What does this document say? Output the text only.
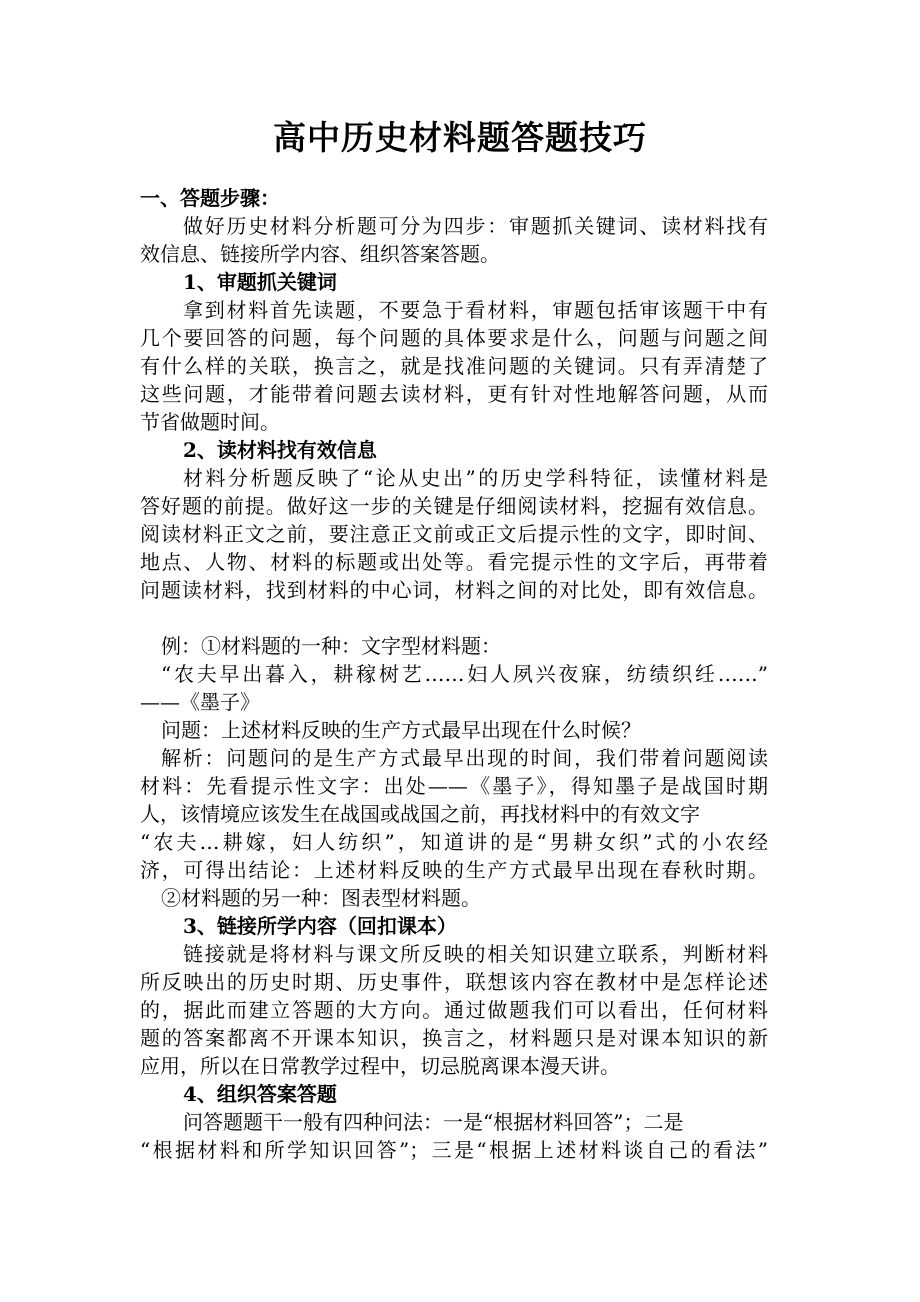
高中历史材料题答题技巧
一、答题步骤：
做好历史材料分析题可分为四步：审题抓关键词、读材料找有
效信息、链接所学内容、组织答案答题。
1、审题抓关键词
拿到材料首先读题，不要急于看材料，审题包括审该题干中有
几个要回答的问题，每个问题的具体要求是什么，问题与问题之间
有什么样的关联，换言之，就是找准问题的关键词。只有弄清楚了
这些问题，才能带着问题去读材料，更有针对性地解答问题，从而
节省做题时间。
2、读材料找有效信息
材料分析题反映了“论从史出”的历史学科特征，读懂材料是
答好题的前提。做好这一步的关键是仔细阅读材料，挖掘有效信息。
阅读材料正文之前，要注意正文前或正文后提示性的文字，即时间、
地点、人物、材料的标题或出处等。看完提示性的文字后，再带着
问题读材料，找到材料的中心词，材料之间的对比处，即有效信息。
例：①材料题的一种：文字型材料题：
“农夫早出暮入，耕稼树艺……妇人夙兴夜寐，纺绩织纴……”
——《墨子》
问题：上述材料反映的生产方式最早出现在什么时候？
解析：问题问的是生产方式最早出现的时间，我们带着问题阅读
材料：先看提示性文字：出处——《墨子》，得知墨子是战国时期
人，该情境应该发生在战国或战国之前，再找材料中的有效文字
“农夫…耕嫁，妇人纺织”，知道讲的是“男耕女织”式的小农经
济，可得出结论：上述材料反映的生产方式最早出现在春秋时期。
②材料题的另一种：图表型材料题。
3、链接所学内容（回扣课本）
链接就是将材料与课文所反映的相关知识建立联系，判断材料
所反映出的历史时期、历史事件，联想该内容在教材中是怎样论述
的，据此而建立答题的大方向。通过做题我们可以看出，任何材料
题的答案都离不开课本知识，换言之，材料题只是对课本知识的新
应用，所以在日常教学过程中，切忌脱离课本漫天讲。
4、组织答案答题
问答题题干一般有四种问法：一是“根据材料回答”；二是
“根据材料和所学知识回答”；三是“根据上述材料谈自己的看法”
